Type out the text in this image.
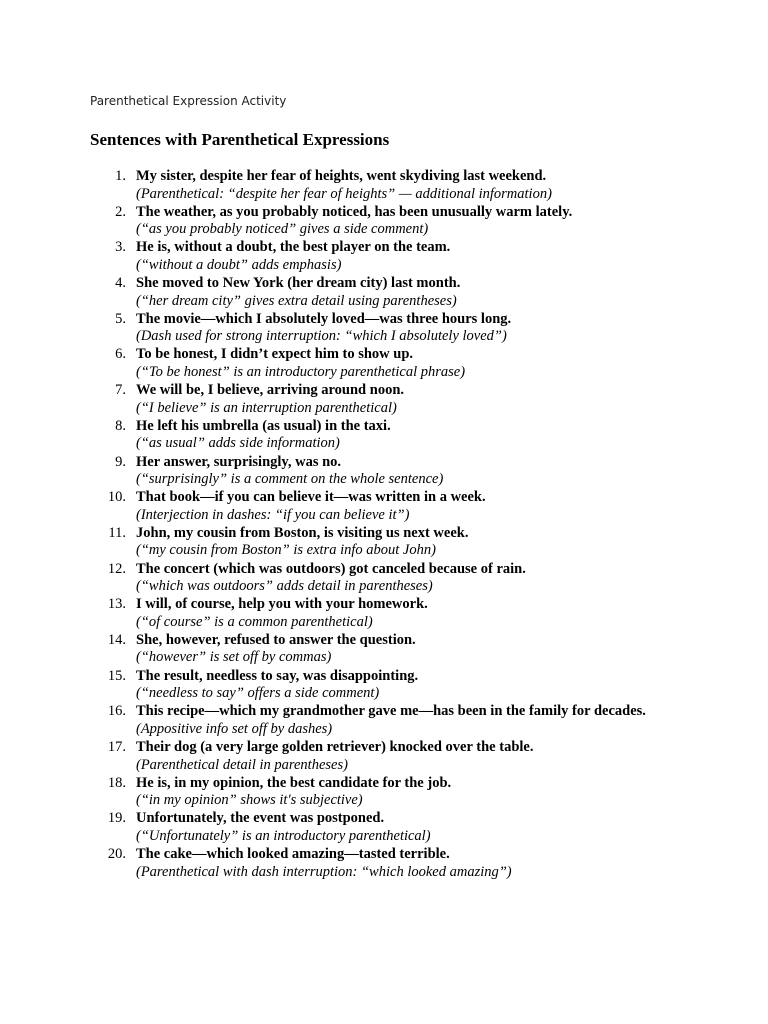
Parenthetical Expression Activity
Sentences with Parenthetical Expressions
1. My sister, despite her fear of heights, went skydiving last weekend.
(Parenthetical: “despite her fear of heights” — additional information)
2. The weather, as you probably noticed, has been unusually warm lately.
(“as you probably noticed” gives a side comment)
3. He is, without a doubt, the best player on the team.
(“without a doubt” adds emphasis)
4. She moved to New York (her dream city) last month.
(“her dream city” gives extra detail using parentheses)
5. The movie—which I absolutely loved—was three hours long.
(Dash used for strong interruption: “which I absolutely loved”)
6. To be honest, I didn’t expect him to show up.
(“To be honest” is an introductory parenthetical phrase)
7. We will be, I believe, arriving around noon.
(“I believe” is an interruption parenthetical)
8. He left his umbrella (as usual) in the taxi.
(“as usual” adds side information)
9. Her answer, surprisingly, was no.
(“surprisingly” is a comment on the whole sentence)
10. That book—if you can believe it—was written in a week.
(Interjection in dashes: “if you can believe it”)
11. John, my cousin from Boston, is visiting us next week.
(“my cousin from Boston” is extra info about John)
12. The concert (which was outdoors) got canceled because of rain.
(“which was outdoors” adds detail in parentheses)
13. I will, of course, help you with your homework.
(“of course” is a common parenthetical)
14. She, however, refused to answer the question.
(“however” is set off by commas)
15. The result, needless to say, was disappointing.
(“needless to say” offers a side comment)
16. This recipe—which my grandmother gave me—has been in the family for decades.
(Appositive info set off by dashes)
17. Their dog (a very large golden retriever) knocked over the table.
(Parenthetical detail in parentheses)
18. He is, in my opinion, the best candidate for the job.
(“in my opinion” shows it's subjective)
19. Unfortunately, the event was postponed.
(“Unfortunately” is an introductory parenthetical)
20. The cake—which looked amazing—tasted terrible.
(Parenthetical with dash interruption: “which looked amazing”)
